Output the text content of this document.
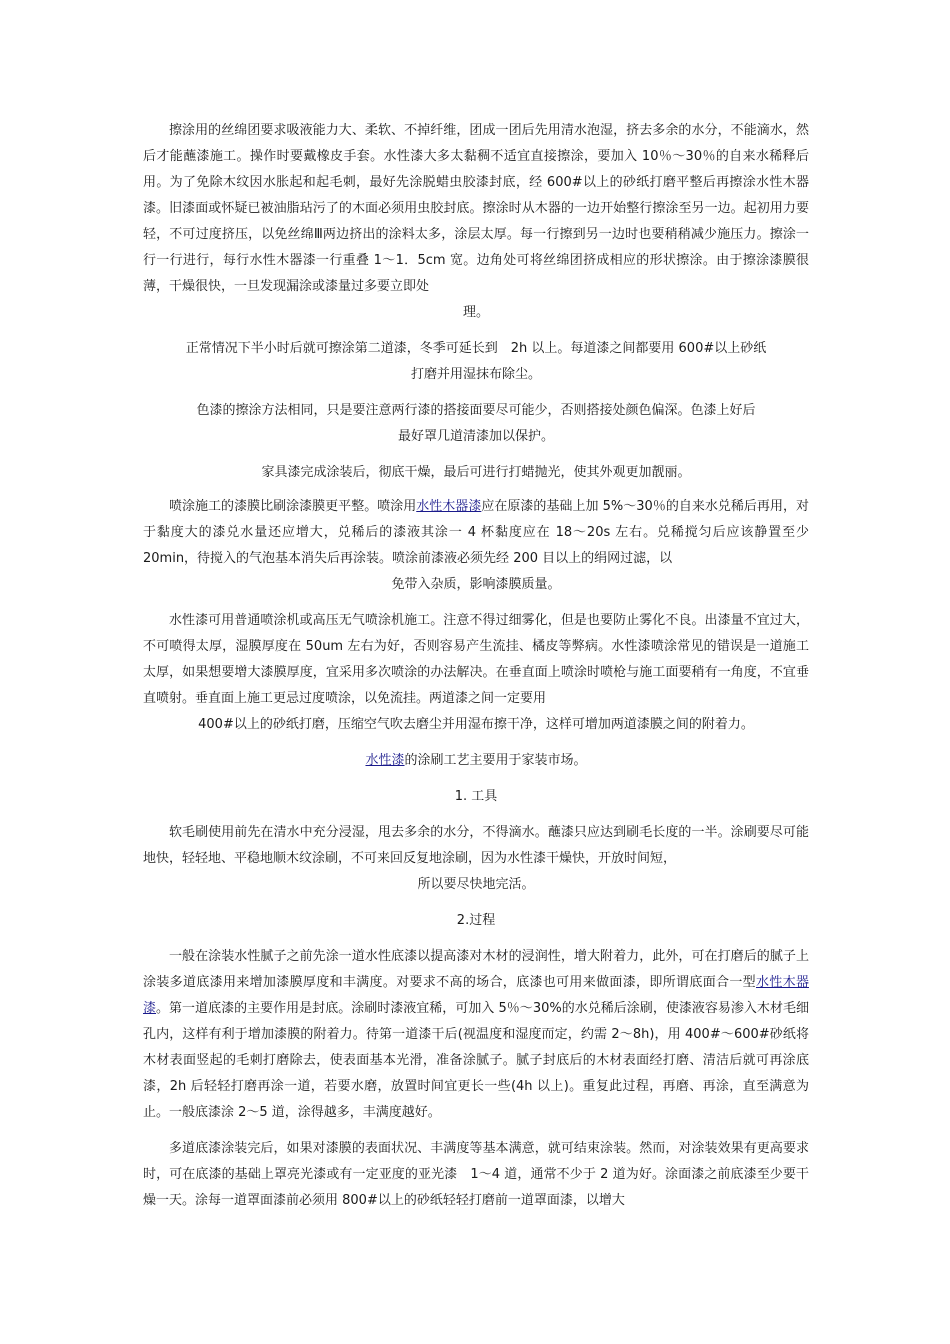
擦涂用的丝绵团要求吸液能力大、柔软、不掉纤维，团成一团后先用清水泡湿，挤去多余的水分，不能滴水，然后才能蘸漆施工。操作时要戴橡皮手套。水性漆大多太黏稠不适宜直接擦涂，要加入 10％～30％的自来水稀释后用。为了免除木纹因水胀起和起毛刺，最好先涂脱蜡虫胶漆封底，经 600#以上的砂纸打磨平整后再擦涂水性木器漆。旧漆面或怀疑已被油脂玷污了的木面必须用虫胶封底。擦涂时从木器的一边开始整行擦涂至另一边。起初用力要轻，不可过度挤压，以免丝绵Ⅲ两边挤出的涂料太多，涂层太厚。每一行擦到另一边时也要稍稍减少施压力。擦涂一行一行进行，每行水性木器漆一行重叠 1～1．5cm 宽。边角处可将丝绵团挤成相应的形状擦涂。由于擦涂漆膜很薄，干燥很快，一旦发现漏涂或漆量过多要立即处

理。

正常情况下半小时后就可擦涂第二道漆，冬季可延长到　2h 以上。每道漆之间都要用 600#以上砂纸

打磨并用湿抹布除尘。

色漆的擦涂方法相同，只是要注意两行漆的搭接面要尽可能少，否则搭接处颜色偏深。色漆上好后

最好罩几道清漆加以保护。

家具漆完成涂装后，彻底干燥，最后可进行打蜡抛光，使其外观更加靓丽。

喷涂施工的漆膜比刷涂漆膜更平整。喷涂用水性木器漆应在原漆的基础上加 5%～30％的自来水兑稀后再用，对于黏度大的漆兑水量还应增大，兑稀后的漆液其涂一 4 杯黏度应在 18～20s 左右。兑稀搅匀后应该静置至少 20min，待搅入的气泡基本消失后再涂装。喷涂前漆液必须先经 200 目以上的绢网过滤，以

免带入杂质，影响漆膜质量。

水性漆可用普通喷涂机或高压无气喷涂机施工。注意不得过细雾化，但是也要防止雾化不良。出漆量不宜过大，不可喷得太厚，湿膜厚度在 50um 左右为好，否则容易产生流挂、橘皮等弊病。水性漆喷涂常见的错误是一道施工太厚，如果想要增大漆膜厚度，宜采用多次喷涂的办法解决。在垂直面上喷涂时喷枪与施工面要稍有一角度，不宜垂直喷射。垂直面上施工更忌过度喷涂，以免流挂。两道漆之间一定要用

400#以上的砂纸打磨，压缩空气吹去磨尘并用湿布擦干净，这样可增加两道漆膜之间的附着力。

水性漆的涂刷工艺主要用于家装市场。

1. 工具

软毛刷使用前先在清水中充分浸湿，甩去多余的水分，不得滴水。蘸漆只应达到刷毛长度的一半。涂刷要尽可能地快，轻轻地、平稳地顺木纹涂刷，不可来回反复地涂刷，因为水性漆干燥快，开放时间短，

所以要尽快地完活。

2.过程

一般在涂装水性腻子之前先涂一道水性底漆以提高漆对木材的浸润性，增大附着力，此外，可在打磨后的腻子上涂装多道底漆用来增加漆膜厚度和丰满度。对要求不高的场合，底漆也可用来做面漆，即所谓底面合一型水性木器漆。第一道底漆的主要作用是封底。涂刷时漆液宜稀，可加入 5％～30%的水兑稀后涂刷，使漆液容易渗入木材毛细孔内，这样有利于增加漆膜的附着力。待第一道漆干后(视温度和湿度而定，约需 2～8h)，用 400#～600#砂纸将木材表面竖起的毛刺打磨除去，使表面基本光滑，准备涂腻子。腻子封底后的木材表面经打磨、清洁后就可再涂底漆，2h 后轻轻打磨再涂一道，若要水磨，放置时间宜更长一些(4h 以上)。重复此过程，再磨、再涂，直至满意为止。一般底漆涂 2～5 道，涂得越多，丰满度越好。

多道底漆涂装完后，如果对漆膜的表面状况、丰满度等基本满意，就可结束涂装。然而，对涂装效果有更高要求时，可在底漆的基础上罩亮光漆或有一定亚度的亚光漆　1～4 道，通常不少于 2 道为好。涂面漆之前底漆至少要干燥一天。涂每一道罩面漆前必须用 800#以上的砂纸轻轻打磨前一道罩面漆，以增大
